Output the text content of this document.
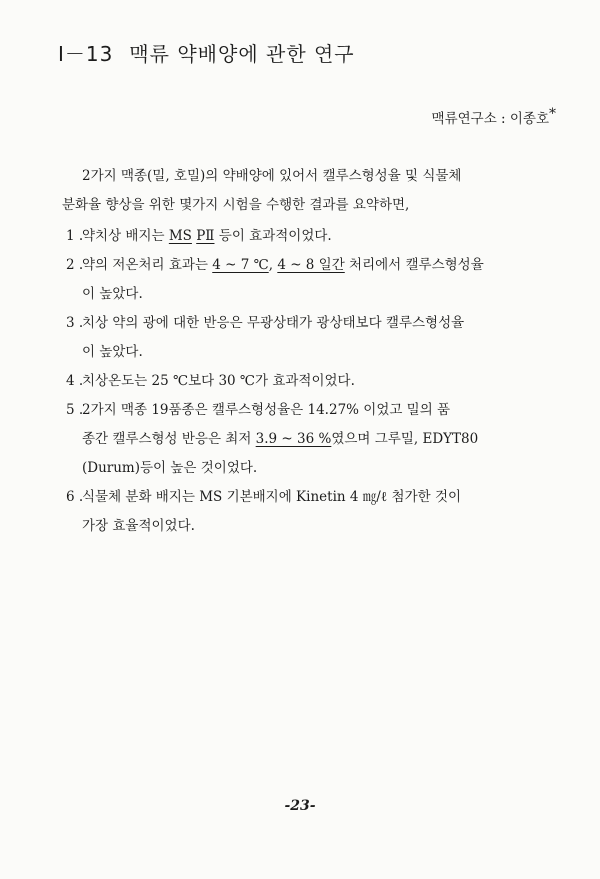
I－13 맥류 약배양에 관한 연구
맥류연구소 : 이종호*
2가지 맥종(밀, 호밀)의 약배양에 있어서 캘루스형성율 및 식물체
분화율 향상을 위한 몇가지 시험을 수행한 결과를 요약하면,
1 .
약치상 배지는 MS PⅡ 등이 효과적이었다.
2 .
약의 저온처리 효과는 4 ~ 7 ℃, 4 ~ 8 일간 처리에서 캘루스형성율
이 높았다.
3 .
치상 약의 광에 대한 반응은 무광상태가 광상태보다 캘루스형성율
이 높았다.
4 .
치상온도는 25 ℃보다 30 ℃가 효과적이었다.
5 .
2가지 맥종 19품종은 캘루스형성율은 14.27% 이었고 밀의 품
종간 캘루스형성 반응은 최저 3.9 ~ 36 %였으며 그루밀, EDYT80
(Durum)등이 높은 것이었다.
6 .
식물체 분화 배지는 MS 기본배지에 Kinetin 4 ㎎/ℓ 첨가한 것이
가장 효율적이었다.
-23-
